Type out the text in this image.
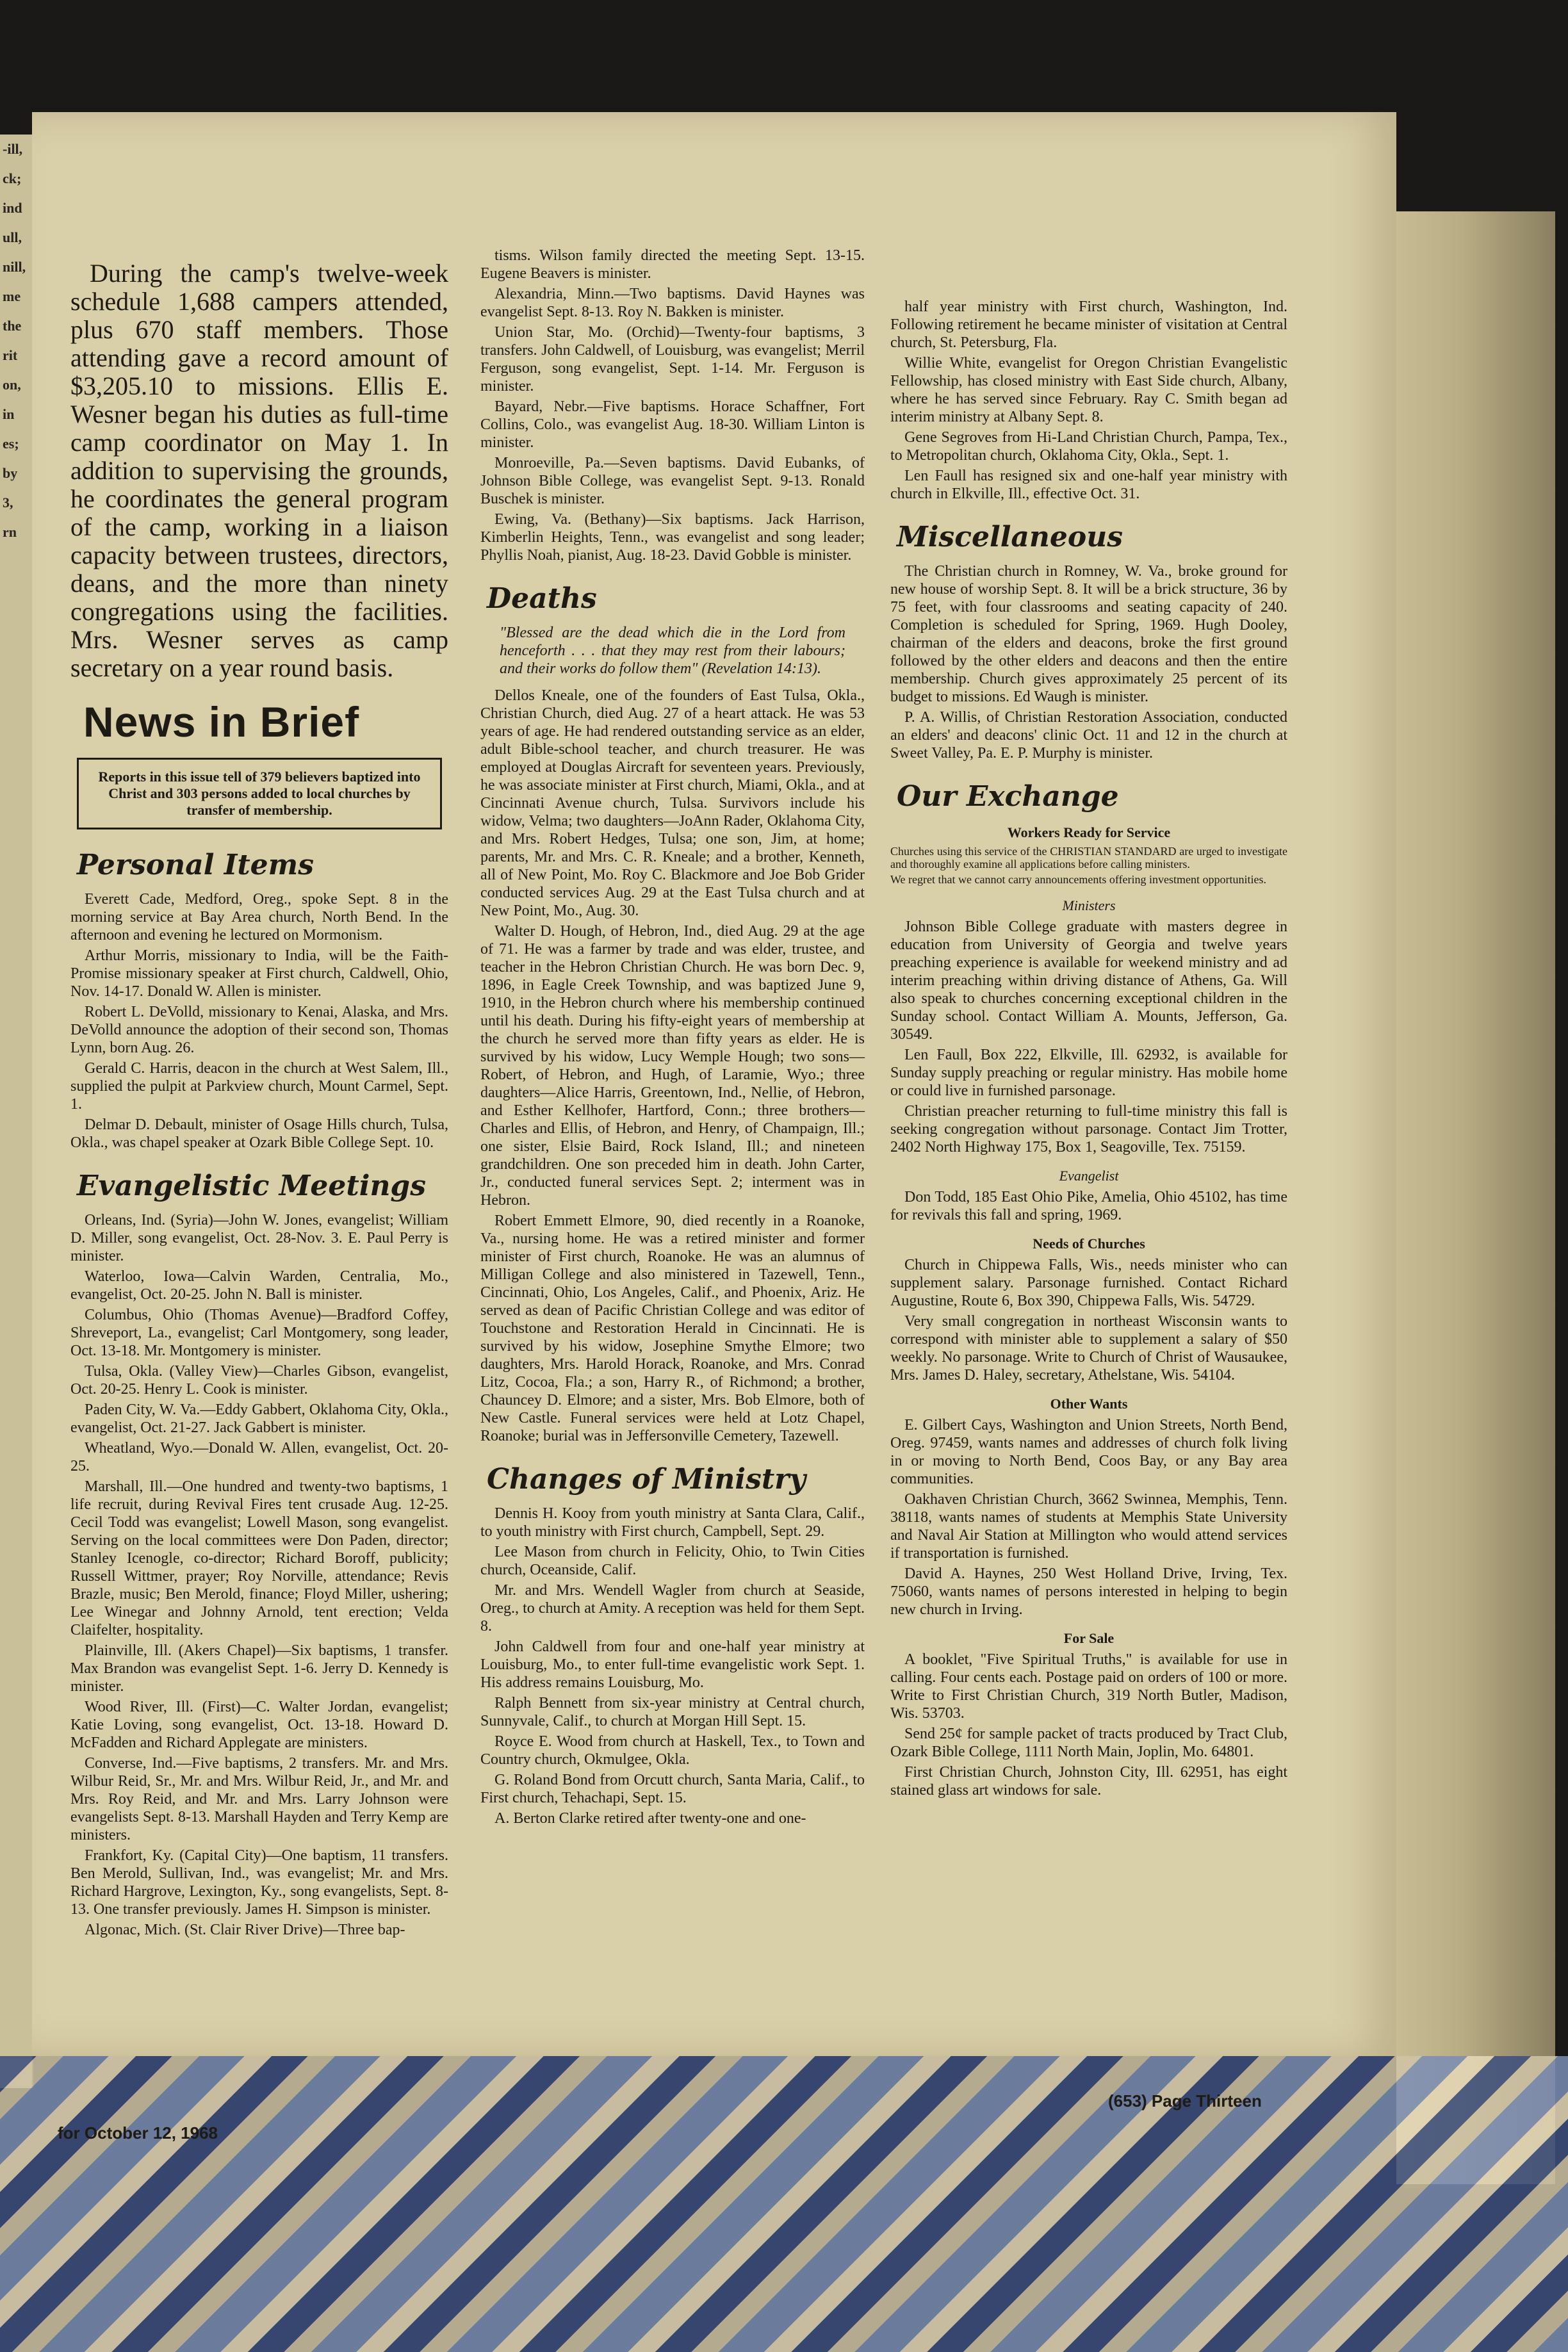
-ill,
ck;
ind
ull,
nill,
me
the
rit
on,
in
es;
by
3,
rn

During the camp's twelve-week schedule 1,688 campers attended, plus 670 staff members. Those attending gave a record amount of $3,205.10 to missions. Ellis E. Wesner began his duties as full-time camp coordinator on May 1. In addition to supervising the grounds, he coordinates the general program of the camp, working in a liaison capacity between trustees, directors, deans, and the more than ninety congregations using the facilities. Mrs. Wesner serves as camp secretary on a year round basis.

News in Brief
Reports in this issue tell of 379 believers baptized into Christ and 303 persons added to local churches by transfer of membership.
Personal Items

Everett Cade, Medford, Oreg., spoke Sept. 8 in the morning service at Bay Area church, North Bend. In the afternoon and evening he lectured on Mormonism.

Arthur Morris, missionary to India, will be the Faith-Promise missionary speaker at First church, Caldwell, Ohio, Nov. 14-17. Donald W. Allen is minister.

Robert L. DeVolld, missionary to Kenai, Alaska, and Mrs. DeVolld announce the adoption of their second son, Thomas Lynn, born Aug. 26.

Gerald C. Harris, deacon in the church at West Salem, Ill., supplied the pulpit at Parkview church, Mount Carmel, Sept. 1.

Delmar D. Debault, minister of Osage Hills church, Tulsa, Okla., was chapel speaker at Ozark Bible College Sept. 10.

Evangelistic Meetings

Orleans, Ind. (Syria)—John W. Jones, evangelist; William D. Miller, song evangelist, Oct. 28-Nov. 3. E. Paul Perry is minister.

Waterloo, Iowa—Calvin Warden, Centralia, Mo., evangelist, Oct. 20-25. John N. Ball is minister.

Columbus, Ohio (Thomas Avenue)—Bradford Coffey, Shreveport, La., evangelist; Carl Montgomery, song leader, Oct. 13-18. Mr. Montgomery is minister.

Tulsa, Okla. (Valley View)—Charles Gibson, evangelist, Oct. 20-25. Henry L. Cook is minister.

Paden City, W. Va.—Eddy Gabbert, Oklahoma City, Okla., evangelist, Oct. 21-27. Jack Gabbert is minister.

Wheatland, Wyo.—Donald W. Allen, evangelist, Oct. 20-25.

Marshall, Ill.—One hundred and twenty-two baptisms, 1 life recruit, during Revival Fires tent crusade Aug. 12-25. Cecil Todd was evangelist; Lowell Mason, song evangelist. Serving on the local committees were Don Paden, director; Stanley Icenogle, co-director; Richard Boroff, publicity; Russell Wittmer, prayer; Roy Norville, attendance; Revis Brazle, music; Ben Merold, finance; Floyd Miller, ushering; Lee Winegar and Johnny Arnold, tent erection; Velda Claifelter, hospitality.

Plainville, Ill. (Akers Chapel)—Six baptisms, 1 transfer. Max Brandon was evangelist Sept. 1-6. Jerry D. Kennedy is minister.

Wood River, Ill. (First)—C. Walter Jordan, evangelist; Katie Loving, song evangelist, Oct. 13-18. Howard D. McFadden and Richard Applegate are ministers.

Converse, Ind.—Five baptisms, 2 transfers. Mr. and Mrs. Wilbur Reid, Sr., Mr. and Mrs. Wilbur Reid, Jr., and Mr. and Mrs. Roy Reid, and Mr. and Mrs. Larry Johnson were evangelists Sept. 8-13. Marshall Hayden and Terry Kemp are ministers.

Frankfort, Ky. (Capital City)—One baptism, 11 transfers. Ben Merold, Sullivan, Ind., was evangelist; Mr. and Mrs. Richard Hargrove, Lexington, Ky., song evangelists, Sept. 8-13. One transfer previously. James H. Simpson is minister.

Algonac, Mich. (St. Clair River Drive)—Three bap-

tisms. Wilson family directed the meeting Sept. 13-15. Eugene Beavers is minister.

Alexandria, Minn.—Two baptisms. David Haynes was evangelist Sept. 8-13. Roy N. Bakken is minister.

Union Star, Mo. (Orchid)—Twenty-four baptisms, 3 transfers. John Caldwell, of Louisburg, was evangelist; Merril Ferguson, song evangelist, Sept. 1-14. Mr. Ferguson is minister.

Bayard, Nebr.—Five baptisms. Horace Schaffner, Fort Collins, Colo., was evangelist Aug. 18-30. William Linton is minister.

Monroeville, Pa.—Seven baptisms. David Eubanks, of Johnson Bible College, was evangelist Sept. 9-13. Ronald Buschek is minister.

Ewing, Va. (Bethany)—Six baptisms. Jack Harrison, Kimberlin Heights, Tenn., was evangelist and song leader; Phyllis Noah, pianist, Aug. 18-23. David Gobble is minister.

Deaths
"Blessed are the dead which die in the Lord from henceforth . . . that they may rest from their labours; and their works do follow them" (Revelation 14:13).

Dellos Kneale, one of the founders of East Tulsa, Okla., Christian Church, died Aug. 27 of a heart attack. He was 53 years of age. He had rendered outstanding service as an elder, adult Bible-school teacher, and church treasurer. He was employed at Douglas Aircraft for seventeen years. Previously, he was associate minister at First church, Miami, Okla., and at Cincinnati Avenue church, Tulsa. Survivors include his widow, Velma; two daughters—JoAnn Rader, Oklahoma City, and Mrs. Robert Hedges, Tulsa; one son, Jim, at home; parents, Mr. and Mrs. C. R. Kneale; and a brother, Kenneth, all of New Point, Mo. Roy C. Blackmore and Joe Bob Grider conducted services Aug. 29 at the East Tulsa church and at New Point, Mo., Aug. 30.

Walter D. Hough, of Hebron, Ind., died Aug. 29 at the age of 71. He was a farmer by trade and was elder, trustee, and teacher in the Hebron Christian Church. He was born Dec. 9, 1896, in Eagle Creek Township, and was baptized June 9, 1910, in the Hebron church where his membership continued until his death. During his fifty-eight years of membership at the church he served more than fifty years as elder. He is survived by his widow, Lucy Wemple Hough; two sons—Robert, of Hebron, and Hugh, of Laramie, Wyo.; three daughters—Alice Harris, Greentown, Ind., Nellie, of Hebron, and Esther Kellhofer, Hartford, Conn.; three brothers—Charles and Ellis, of Hebron, and Henry, of Champaign, Ill.; one sister, Elsie Baird, Rock Island, Ill.; and nineteen grandchildren. One son preceded him in death. John Carter, Jr., conducted funeral services Sept. 2; interment was in Hebron.

Robert Emmett Elmore, 90, died recently in a Roanoke, Va., nursing home. He was a retired minister and former minister of First church, Roanoke. He was an alumnus of Milligan College and also ministered in Tazewell, Tenn., Cincinnati, Ohio, Los Angeles, Calif., and Phoenix, Ariz. He served as dean of Pacific Christian College and was editor of Touchstone and Restoration Herald in Cincinnati. He is survived by his widow, Josephine Smythe Elmore; two daughters, Mrs. Harold Horack, Roanoke, and Mrs. Conrad Litz, Cocoa, Fla.; a son, Harry R., of Richmond; a brother, Chauncey D. Elmore; and a sister, Mrs. Bob Elmore, both of New Castle. Funeral services were held at Lotz Chapel, Roanoke; burial was in Jeffersonville Cemetery, Tazewell.

Changes of Ministry

Dennis H. Kooy from youth ministry at Santa Clara, Calif., to youth ministry with First church, Campbell, Sept. 29.

Lee Mason from church in Felicity, Ohio, to Twin Cities church, Oceanside, Calif.

Mr. and Mrs. Wendell Wagler from church at Seaside, Oreg., to church at Amity. A reception was held for them Sept. 8.

John Caldwell from four and one-half year ministry at Louisburg, Mo., to enter full-time evangelistic work Sept. 1. His address remains Louisburg, Mo.

Ralph Bennett from six-year ministry at Central church, Sunnyvale, Calif., to church at Morgan Hill Sept. 15.

Royce E. Wood from church at Haskell, Tex., to Town and Country church, Okmulgee, Okla.

G. Roland Bond from Orcutt church, Santa Maria, Calif., to First church, Tehachapi, Sept. 15.

A. Berton Clarke retired after twenty-one and one-

half year ministry with First church, Washington, Ind. Following retirement he became minister of visitation at Central church, St. Petersburg, Fla.

Willie White, evangelist for Oregon Christian Evangelistic Fellowship, has closed ministry with East Side church, Albany, where he has served since February. Ray C. Smith began ad interim ministry at Albany Sept. 8.

Gene Segroves from Hi-Land Christian Church, Pampa, Tex., to Metropolitan church, Oklahoma City, Okla., Sept. 1.

Len Faull has resigned six and one-half year ministry with church in Elkville, Ill., effective Oct. 31.

Miscellaneous

The Christian church in Romney, W. Va., broke ground for new house of worship Sept. 8. It will be a brick structure, 36 by 75 feet, with four classrooms and seating capacity of 240. Completion is scheduled for Spring, 1969. Hugh Dooley, chairman of the elders and deacons, broke the first ground followed by the other elders and deacons and then the entire membership. Church gives approximately 25 percent of its budget to missions. Ed Waugh is minister.

P. A. Willis, of Christian Restoration Association, conducted an elders' and deacons' clinic Oct. 11 and 12 in the church at Sweet Valley, Pa. E. P. Murphy is minister.

Our Exchange
Workers Ready for Service
Churches using this service of the CHRISTIAN STANDARD are urged to investigate and thoroughly examine all applications before calling ministers.
We regret that we cannot carry announcements offering investment opportunities.
Ministers

Johnson Bible College graduate with masters degree in education from University of Georgia and twelve years preaching experience is available for weekend ministry and ad interim preaching within driving distance of Athens, Ga. Will also speak to churches concerning exceptional children in the Sunday school. Contact William A. Mounts, Jefferson, Ga. 30549.

Len Faull, Box 222, Elkville, Ill. 62932, is available for Sunday supply preaching or regular ministry. Has mobile home or could live in furnished parsonage.

Christian preacher returning to full-time ministry this fall is seeking congregation without parsonage. Contact Jim Trotter, 2402 North Highway 175, Box 1, Seagoville, Tex. 75159.

Evangelist

Don Todd, 185 East Ohio Pike, Amelia, Ohio 45102, has time for revivals this fall and spring, 1969.

Needs of Churches

Church in Chippewa Falls, Wis., needs minister who can supplement salary. Parsonage furnished. Contact Richard Augustine, Route 6, Box 390, Chippewa Falls, Wis. 54729.

Very small congregation in northeast Wisconsin wants to correspond with minister able to supplement a salary of $50 weekly. No parsonage. Write to Church of Christ of Wausaukee, Mrs. James D. Haley, secretary, Athelstane, Wis. 54104.

Other Wants

E. Gilbert Cays, Washington and Union Streets, North Bend, Oreg. 97459, wants names and addresses of church folk living in or moving to North Bend, Coos Bay, or any Bay area communities.

Oakhaven Christian Church, 3662 Swinnea, Memphis, Tenn. 38118, wants names of students at Memphis State University and Naval Air Station at Millington who would attend services if transportation is furnished.

David A. Haynes, 250 West Holland Drive, Irving, Tex. 75060, wants names of persons interested in helping to begin new church in Irving.

For Sale

A booklet, "Five Spiritual Truths," is available for use in calling. Four cents each. Postage paid on orders of 100 or more. Write to First Christian Church, 319 North Butler, Madison, Wis. 53703.

Send 25¢ for sample packet of tracts produced by Tract Club, Ozark Bible College, 1111 North Main, Joplin, Mo. 64801.

First Christian Church, Johnston City, Ill. 62951, has eight stained glass art windows for sale.

for October 12, 1968
(653) Page Thirteen
